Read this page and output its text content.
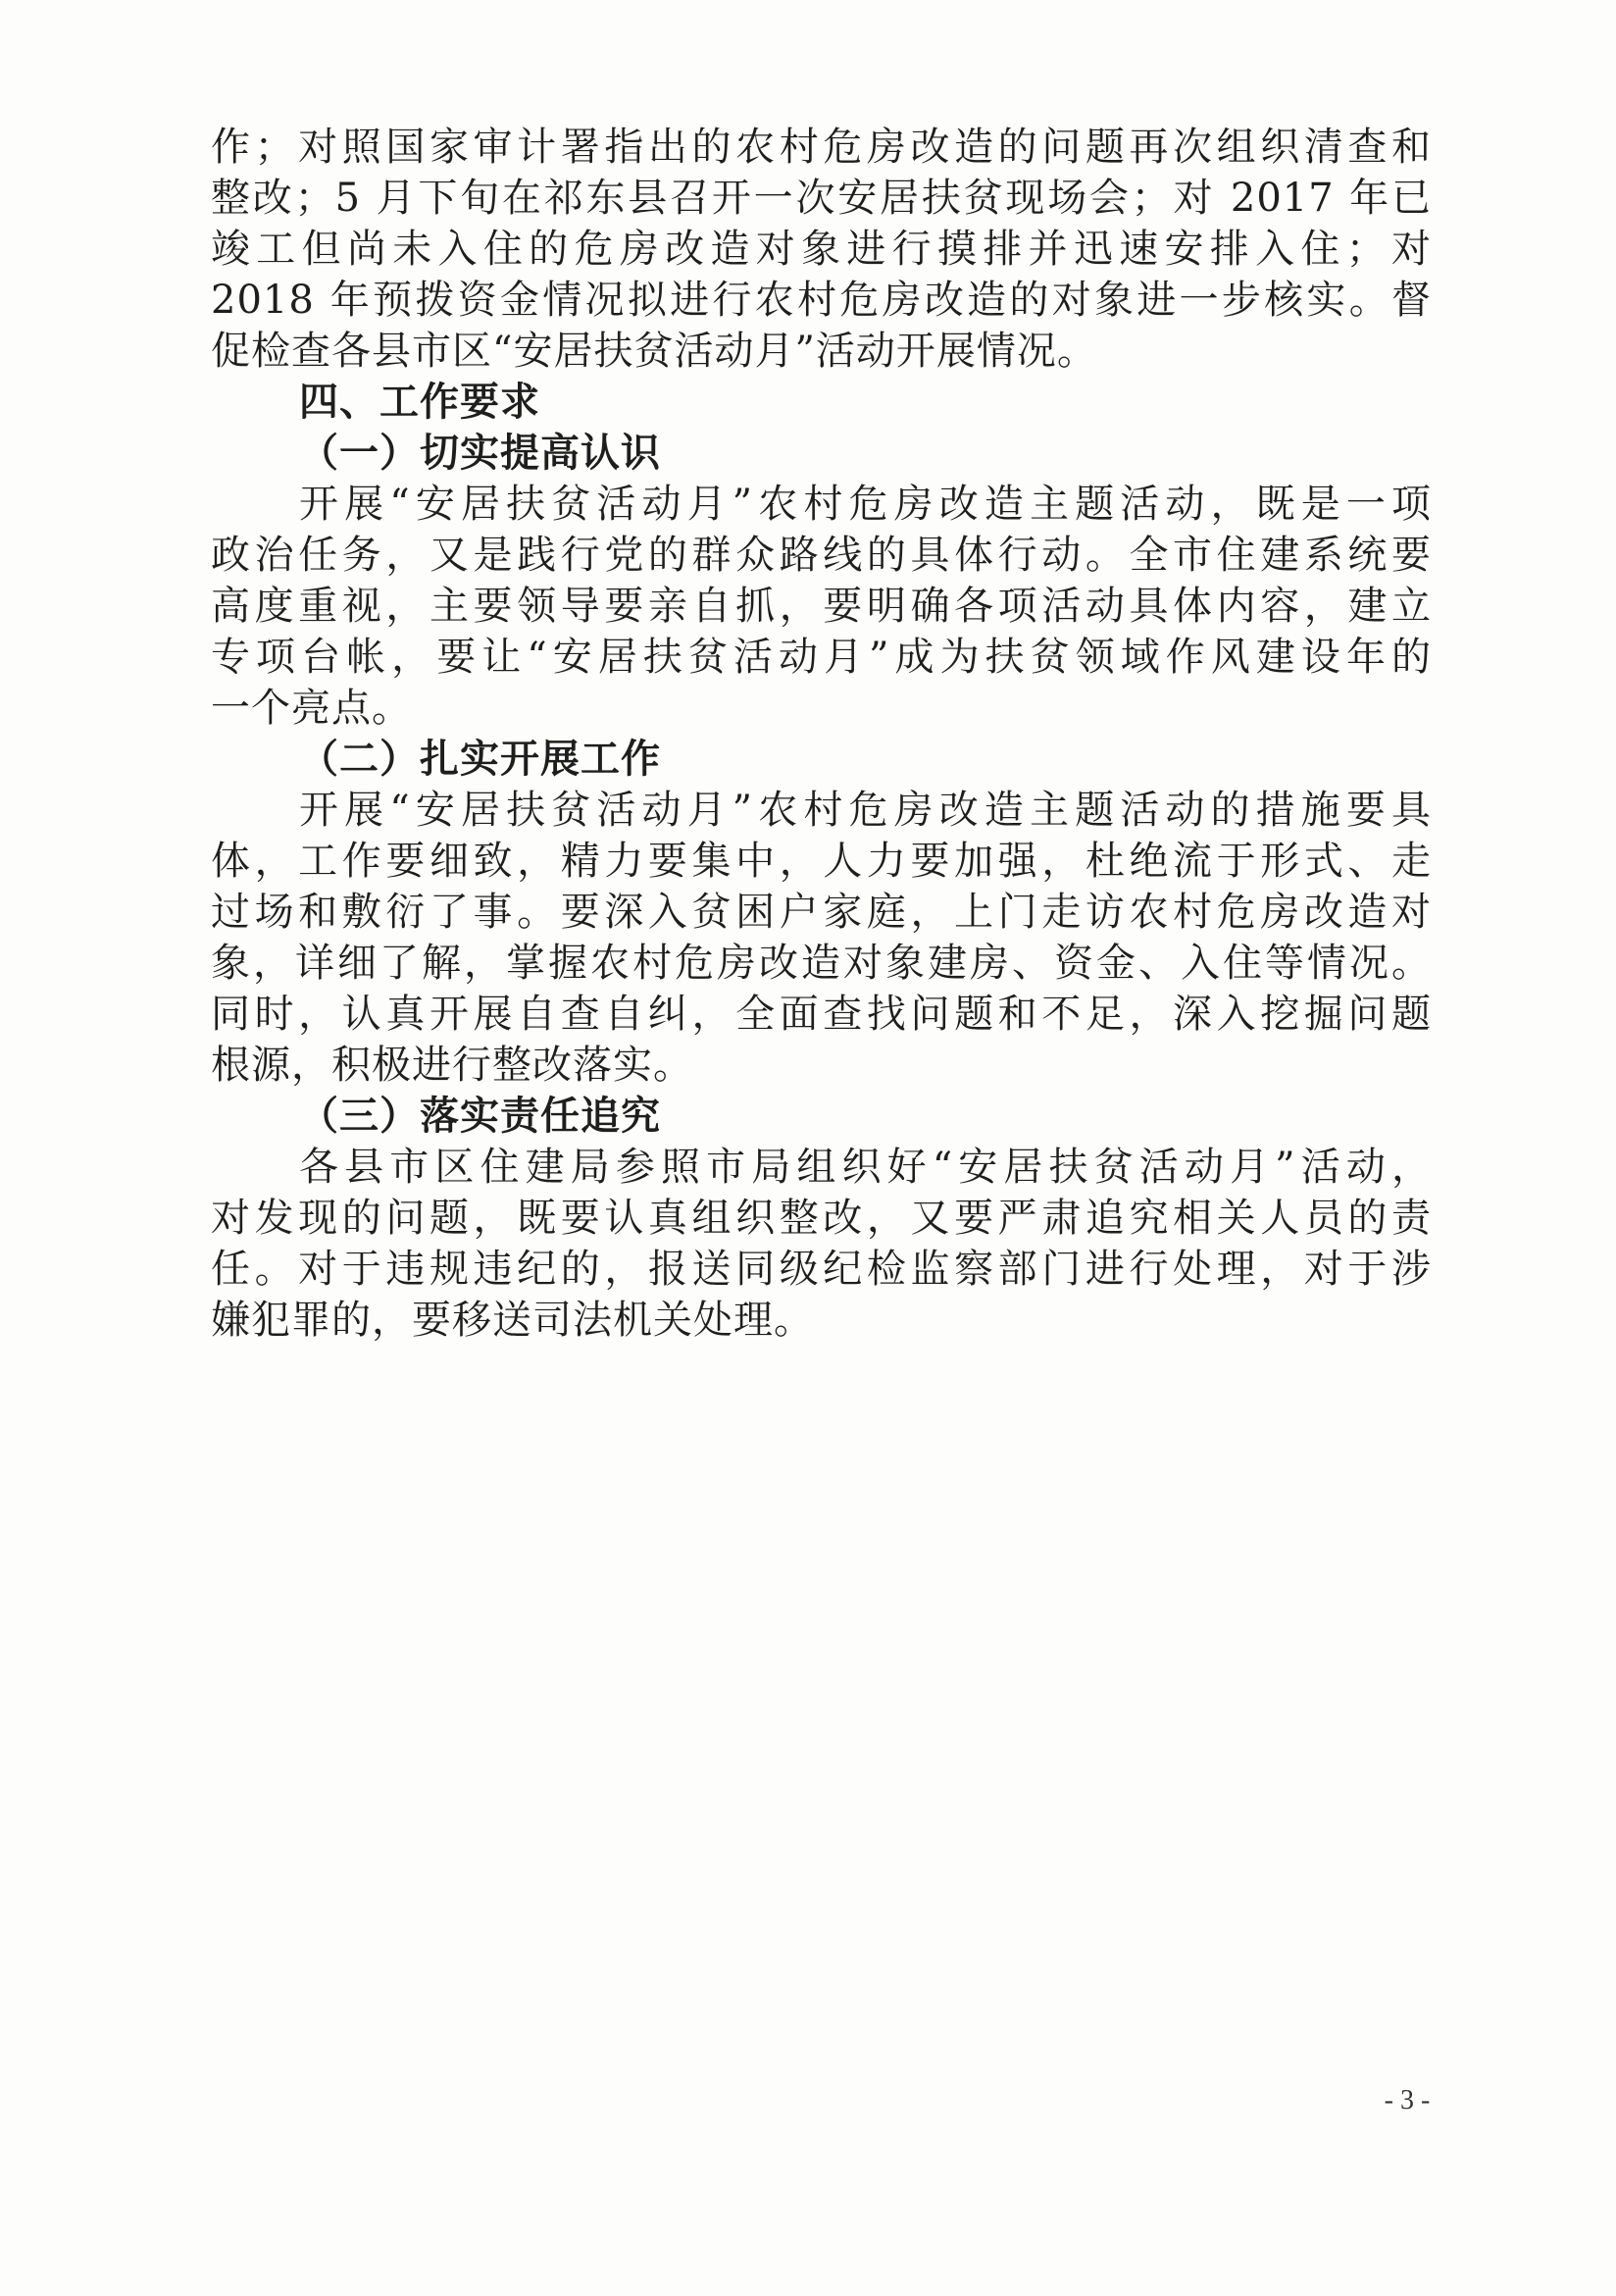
作；对照国家审计署指出的农村危房改造的问题再次组织清查和
整改；5 月下旬在祁东县召开一次安居扶贫现场会；对 2017 年已
竣工但尚未入住的危房改造对象进行摸排并迅速安排入住；对
2018 年预拨资金情况拟进行农村危房改造的对象进一步核实。督
促检查各县市区“安居扶贫活动月”活动开展情况。
四、工作要求
（一）切实提高认识
开展“安居扶贫活动月”农村危房改造主题活动，既是一项
政治任务，又是践行党的群众路线的具体行动。全市住建系统要
高度重视，主要领导要亲自抓，要明确各项活动具体内容，建立
专项台帐，要让“安居扶贫活动月”成为扶贫领域作风建设年的
一个亮点。
（二）扎实开展工作
开展“安居扶贫活动月”农村危房改造主题活动的措施要具
体，工作要细致，精力要集中，人力要加强，杜绝流于形式、走
过场和敷衍了事。要深入贫困户家庭，上门走访农村危房改造对
象，详细了解，掌握农村危房改造对象建房、资金、入住等情况。
同时，认真开展自查自纠，全面查找问题和不足，深入挖掘问题
根源，积极进行整改落实。
（三）落实责任追究
各县市区住建局参照市局组织好“安居扶贫活动月”活动，
对发现的问题，既要认真组织整改，又要严肃追究相关人员的责
任。对于违规违纪的，报送同级纪检监察部门进行处理，对于涉
嫌犯罪的，要移送司法机关处理。
- 3 -
